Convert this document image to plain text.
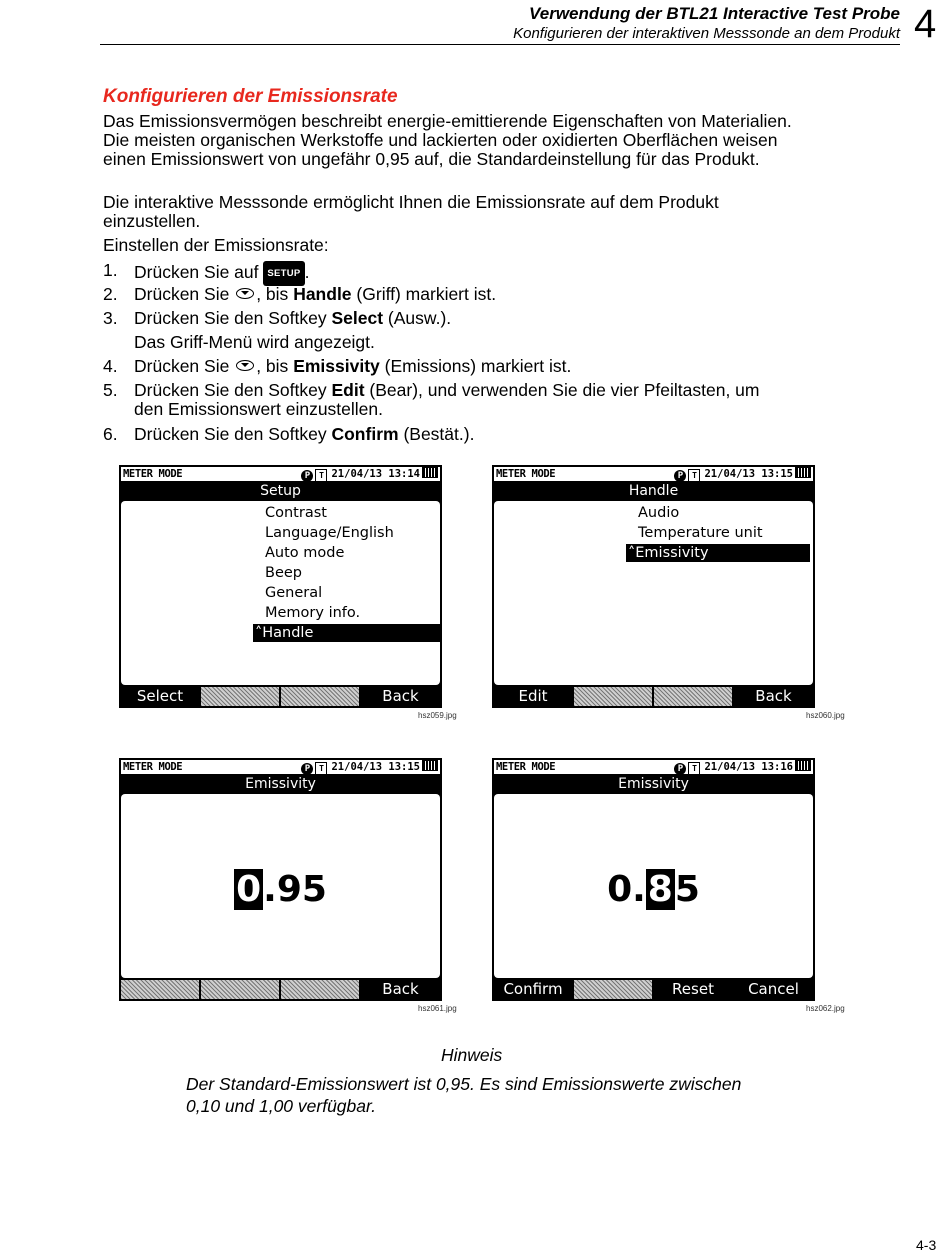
Verwendung der BTL21 Interactive Test Probe
Konfigurieren der interaktiven Messsonde an dem Produkt 4
Konfigurieren der Emissionsrate
Das Emissionsvermögen beschreibt energie-emittierende Eigenschaften von Materialien. Die meisten organischen Werkstoffe und lackierten oder oxidierten Oberflächen weisen einen Emissionswert von ungefähr 0,95 auf, die Standardeinstellung für das Produkt.
Die interaktive Messsonde ermöglicht Ihnen die Emissionsrate auf dem Produkt einzustellen.
Einstellen der Emissionsrate:
1. Drücken Sie auf SETUP .
2. Drücken Sie , bis Handle (Griff) markiert ist.
3. Drücken Sie den Softkey Select (Ausw.).
Das Griff-Menü wird angezeigt.
4. Drücken Sie , bis Emissivity (Emissions) markiert ist.
5. Drücken Sie den Softkey Edit (Bear), und verwenden Sie die vier Pfeiltasten, um
den Emissionswert einzustellen.
6. Drücken Sie den Softkey Confirm (Bestät.).
METER MODE	P T 21/04/13 13:14
Setup
Contrast
Language/English
Auto mode
Beep
General
Memory info.
˄Handle
Select	Back
hsz059.jpg
METER MODE	P T 21/04/13 13:15
Handle
Audio
Temperature unit
˄Emissivity
Edit	Back
hsz060.jpg
METER MODE	P T 21/04/13 13:15
Emissivity
0.95
Back
hsz061.jpg
METER MODE	P T 21/04/13 13:16
Emissivity
0.85
Confirm	Reset	Cancel
hsz062.jpg
Hinweis
Der Standard-Emissionswert ist 0,95. Es sind Emissionswerte zwischen 0,10 und 1,00 verfügbar.
4-3
